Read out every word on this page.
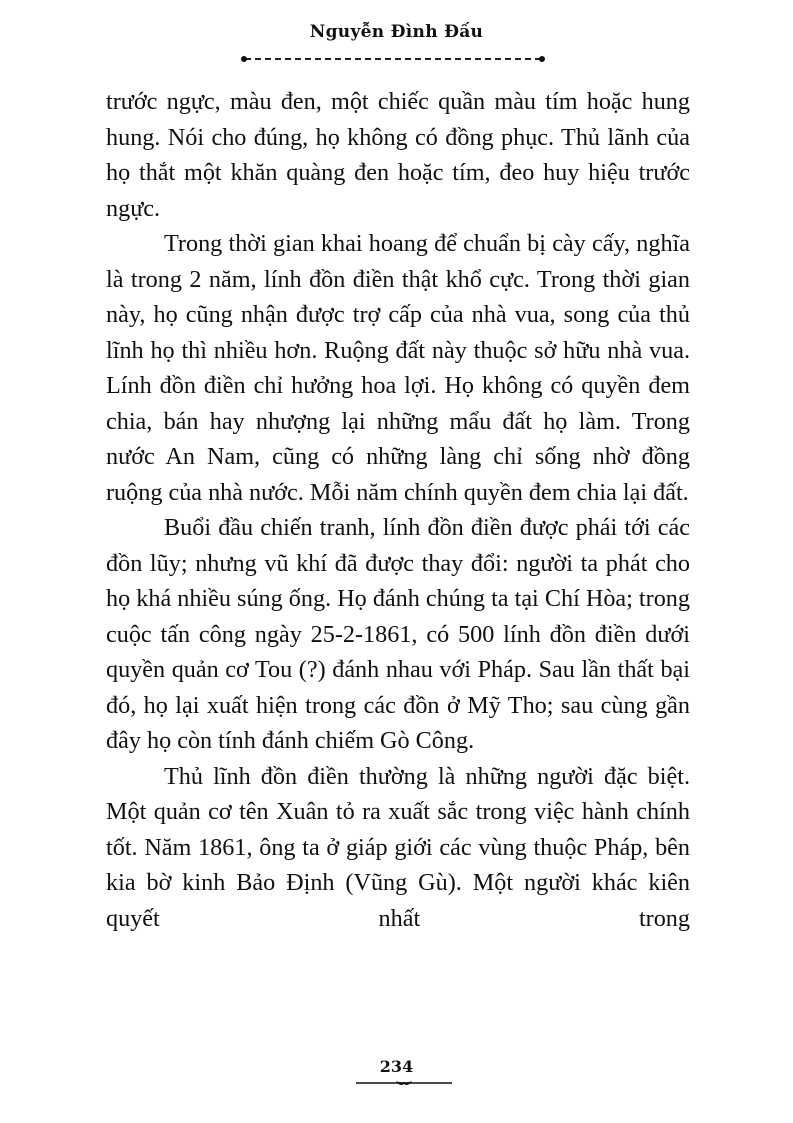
Nguyễn Đình Đấu

trước ngực, màu đen, một chiếc quần màu tím hoặc hung hung. Nói cho đúng, họ không có đồng phục. Thủ lãnh của họ thắt một khăn quàng đen hoặc tím, đeo huy hiệu trước ngực.

Trong thời gian khai hoang để chuẩn bị cày cấy, nghĩa là trong 2 năm, lính đồn điền thật khổ cực. Trong thời gian này, họ cũng nhận được trợ cấp của nhà vua, song của thủ lĩnh họ thì nhiều hơn. Ruộng đất này thuộc sở hữu nhà vua. Lính đồn điền chỉ hưởng hoa lợi. Họ không có quyền đem chia, bán hay nhượng lại những mẩu đất họ làm. Trong nước An Nam, cũng có những làng chỉ sống nhờ đồng ruộng của nhà nước. Mỗi năm chính quyền đem chia lại đất.

Buổi đầu chiến tranh, lính đồn điền được phái tới các đồn lũy; nhưng vũ khí đã được thay đổi: người ta phát cho họ khá nhiều súng ống. Họ đánh chúng ta tại Chí Hòa; trong cuộc tấn công ngày 25-2-1861, có 500 lính đồn điền dưới quyền quản cơ Tou (?) đánh nhau với Pháp. Sau lần thất bại đó, họ lại xuất hiện trong các đồn ở Mỹ Tho; sau cùng gần đây họ còn tính đánh chiếm Gò Công.

Thủ lĩnh đồn điền thường là những người đặc biệt. Một quản cơ tên Xuân tỏ ra xuất sắc trong việc hành chính tốt. Năm 1861, ông ta ở giáp giới các vùng thuộc Pháp, bên kia bờ kinh Bảo Định (Vũng Gù). Một người khác kiên quyết nhất trong

234
